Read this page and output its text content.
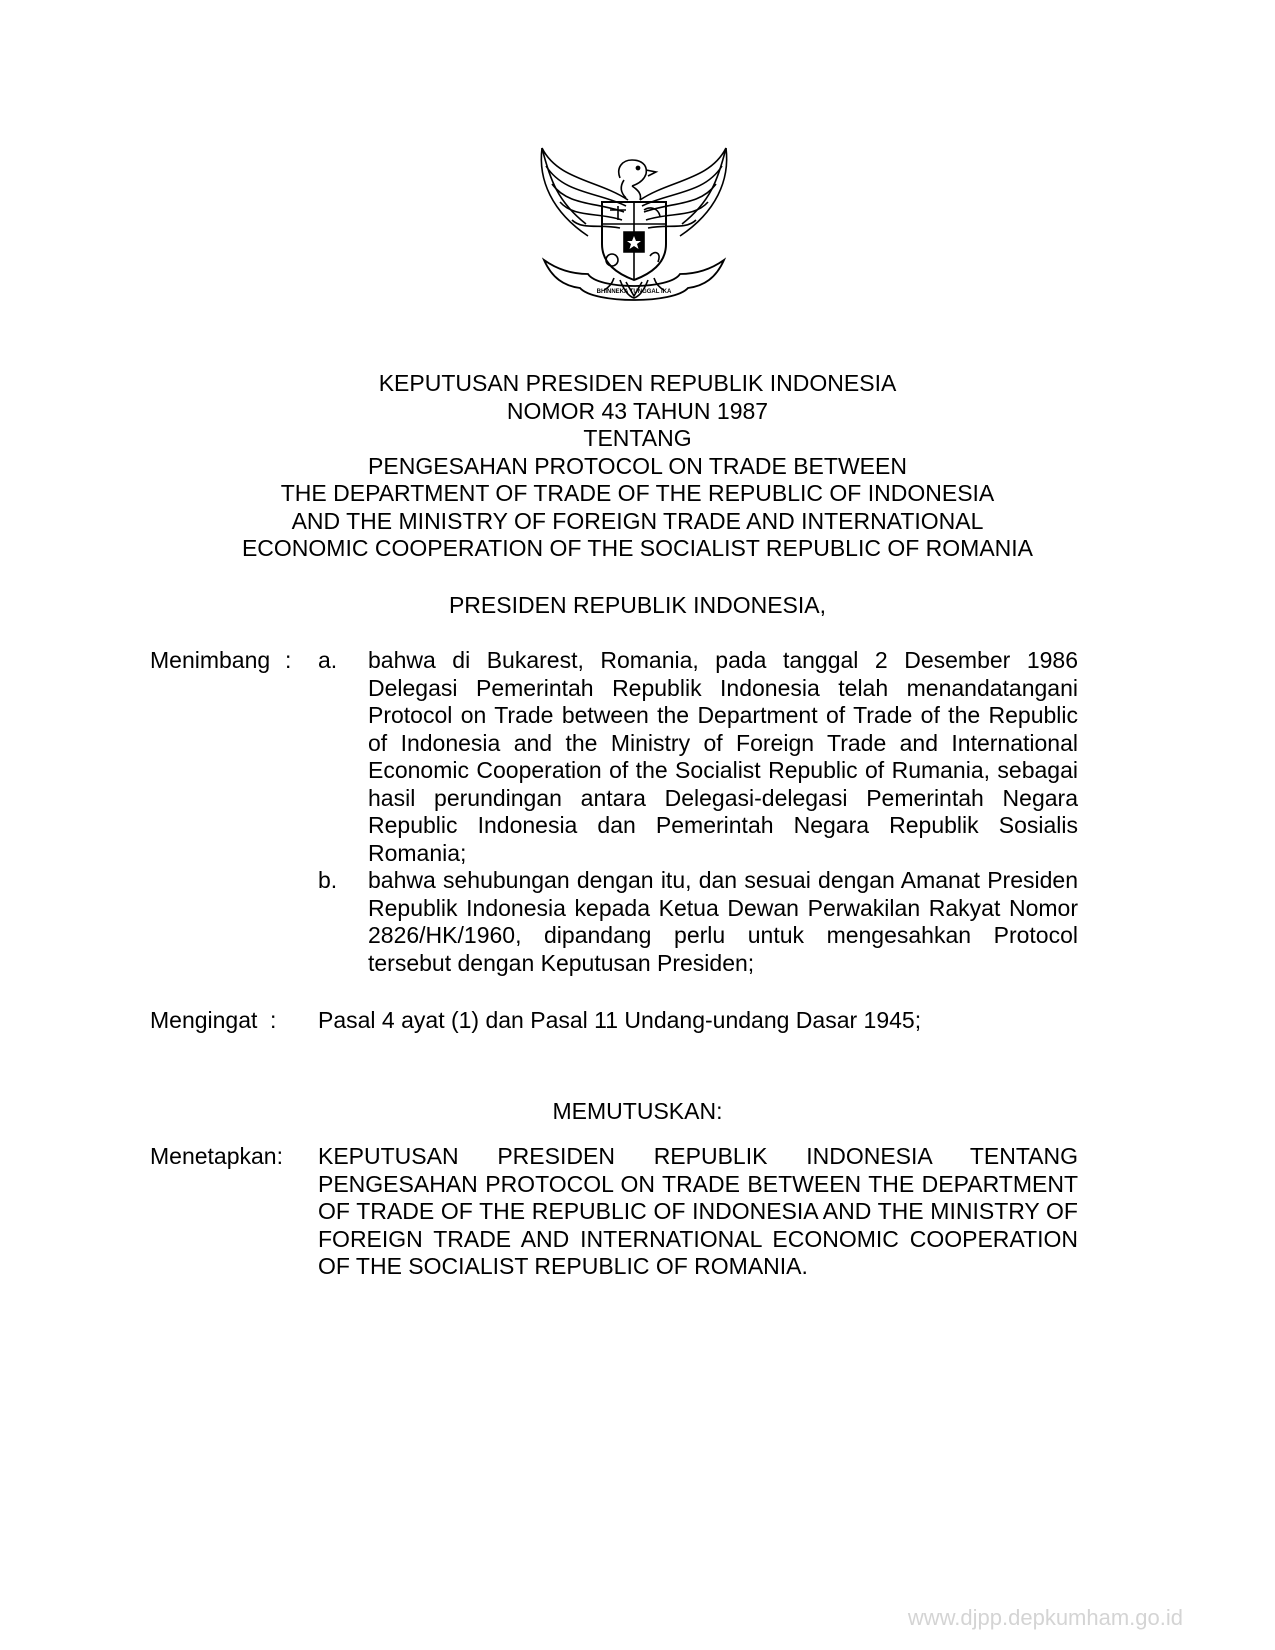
BHINNEKA TUNGGAL IKA
KEPUTUSAN PRESIDEN REPUBLIK INDONESIA
NOMOR 43 TAHUN 1987
TENTANG
PENGESAHAN PROTOCOL ON TRADE BETWEEN
THE DEPARTMENT OF TRADE OF THE REPUBLIC OF INDONESIA
AND THE MINISTRY OF FOREIGN TRADE AND INTERNATIONAL
ECONOMIC COOPERATION OF THE SOCIALIST REPUBLIC OF ROMANIA
PRESIDEN REPUBLIK INDONESIA,
Menimbang : a. bahwa di Bukarest, Romania, pada tanggal 2 Desember 1986 Delegasi Pemerintah Republik Indonesia telah menandatangani Protocol on Trade between the Department of Trade of the Republic of Indonesia and the Ministry of Foreign Trade and International Economic Cooperation of the Socialist Republic of Rumania, sebagai hasil perundingan antara Delegasi-delegasi Pemerintah Negara Republic Indonesia dan Pemerintah Negara Republik Sosialis Romania;
b. bahwa sehubungan dengan itu, dan sesuai dengan Amanat Presiden Republik Indonesia kepada Ketua Dewan Perwakilan Rakyat Nomor 2826/HK/1960, dipandang perlu untuk mengesahkan Protocol tersebut dengan Keputusan Presiden;
Mengingat : Pasal 4 ayat (1) dan Pasal 11 Undang-undang Dasar 1945;
MEMUTUSKAN:
Menetapkan: KEPUTUSAN PRESIDEN REPUBLIK INDONESIA TENTANG PENGESAHAN PROTOCOL ON TRADE BETWEEN THE DEPARTMENT OF TRADE OF THE REPUBLIC OF INDONESIA AND THE MINISTRY OF FOREIGN TRADE AND INTERNATIONAL ECONOMIC COOPERATION OF THE SOCIALIST REPUBLIC OF ROMANIA.
www.djpp.depkumham.go.id
